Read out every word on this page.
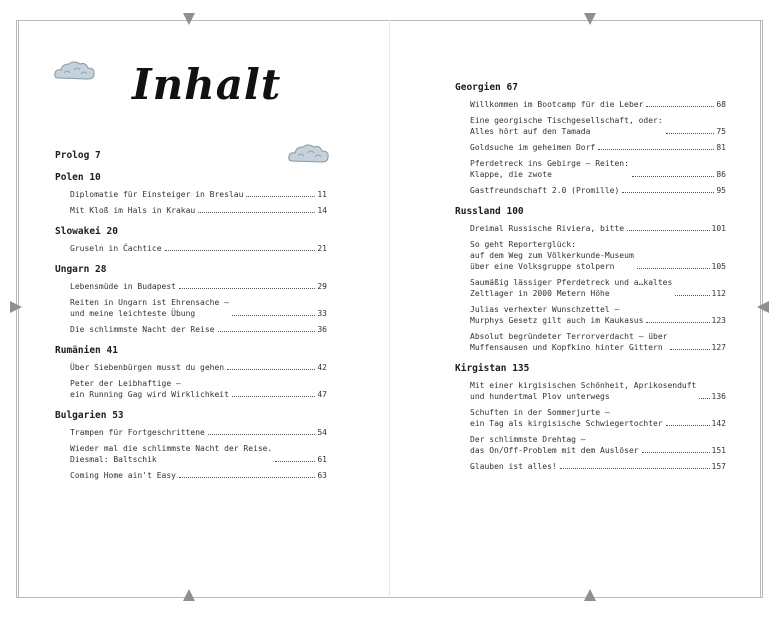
Inhalt
Prolog 7
Polen 10
Diplomatie für Einsteiger in Breslau	11
Mit Kloß im Hals in Krakau	14
Slowakei 20
Gruseln in Čachtice	21
Ungarn 28
Lebensmüde in Budapest	29
Reiten in Ungarn ist Ehrensache –
und meine leichteste Übung	33
Die schlimmste Nacht der Reise	36
Rumänien 41
Über Siebenbürgen musst du gehen	42
Peter der Leibhaftige –
ein Running Gag wird Wirklichkeit	47
Bulgarien 53
Trampen für Fortgeschrittene	54
Wieder mal die schlimmste Nacht der Reise.
Diesmal: Baltschik	61
Coming Home ain't Easy	63
Georgien 67
Willkommen im Bootcamp für die Leber	68
Eine georgische Tischgesellschaft, oder:
Alles hört auf den Tamada	75
Goldsuche im geheimen Dorf	81
Pferdetreck ins Gebirge – Reiten:
Klappe, die zwote	86
Gastfreundschaft 2.0 (Promille)	95
Russland 100
Dreimal Russische Riviera, bitte	101
So geht Reporterglück:
auf dem Weg zum Völkerkunde-Museum
über eine Volksgruppe stolpern	105
Saumäßig lässiger Pferdetreck und a…kaltes
Zeltlager in 2000 Metern Höhe	112
Julias verhexter Wunschzettel –
Murphys Gesetz gilt auch im Kaukasus	123
Absolut begründeter Terrorverdacht – über
Muffensausen und Kopfkino hinter Gittern	127
Kirgistan 135
Mit einer kirgisischen Schönheit, Aprikosenduft
und hundertmal Plov unterwegs	136
Schuften in der Sommerjurte –
ein Tag als kirgisische Schwiegertochter	142
Der schlimmste Drehtag –
das On/Off-Problem mit dem Auslöser	151
Glauben ist alles!	157
